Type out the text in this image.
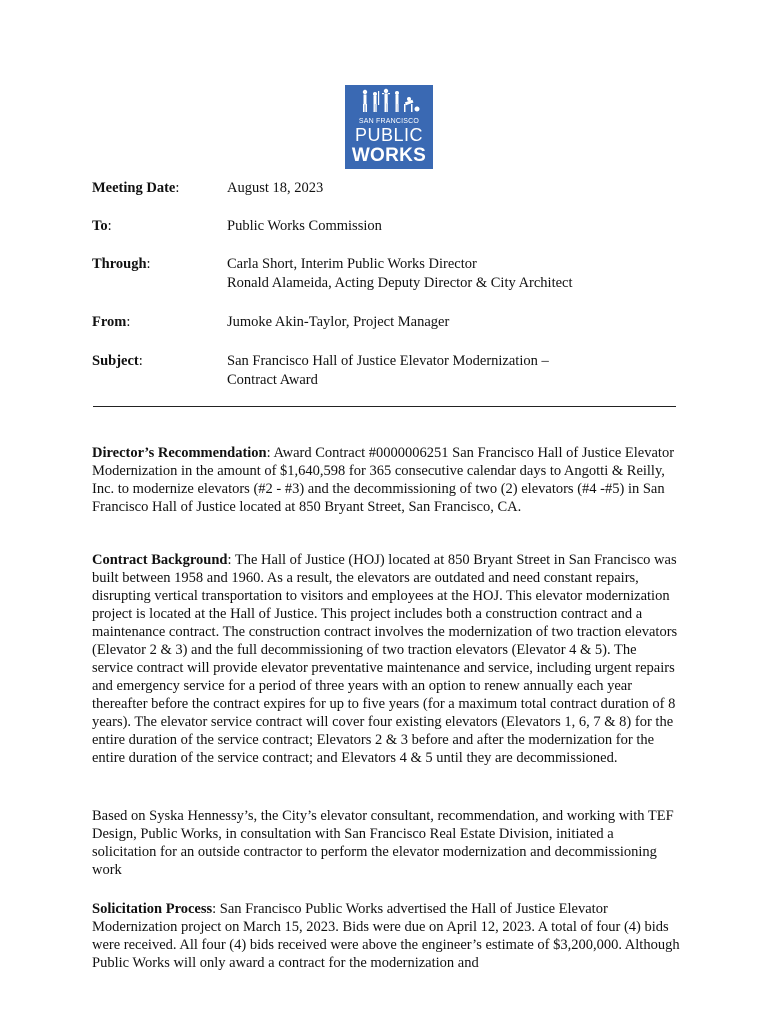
SAN FRANCISCO
PUBLIC
WORKS
Meeting Date:	August 18, 2023
To:	Public Works Commission
Through:	Carla Short, Interim Public Works Director
Ronald Alameida, Acting Deputy Director & City Architect
From:	Jumoke Akin-Taylor, Project Manager
Subject:	San Francisco Hall of Justice Elevator Modernization –
Contract Award

Director’s Recommendation: Award Contract #0000006251 San Francisco Hall of Justice Elevator Modernization in the amount of $1,640,598 for 365 consecutive calendar days to Angotti & Reilly, Inc. to modernize elevators (#2 - #3) and the decommissioning of two (2) elevators (#4 -#5) in San Francisco Hall of Justice located at 850 Bryant Street, San Francisco, CA.

Contract Background: The Hall of Justice (HOJ) located at 850 Bryant Street in San Francisco was built between 1958 and 1960. As a result, the elevators are outdated and need constant repairs, disrupting vertical transportation to visitors and employees at the HOJ. This elevator modernization project is located at the Hall of Justice. This project includes both a construction contract and a maintenance contract. The construction contract involves the modernization of two traction elevators (Elevator 2 & 3) and the full decommissioning of two traction elevators (Elevator 4 & 5). The service contract will provide elevator preventative maintenance and service, including urgent repairs and emergency service for a period of three years with an option to renew annually each year thereafter before the contract expires for up to five years (for a maximum total contract duration of 8 years). The elevator service contract will cover four existing elevators (Elevators 1, 6, 7 & 8) for the entire duration of the service contract; Elevators 2 & 3 before and after the modernization for the entire duration of the service contract; and Elevators 4 & 5 until they are decommissioned.

Based on Syska Hennessy’s, the City’s elevator consultant, recommendation, and working with TEF Design, Public Works, in consultation with San Francisco Real Estate Division, initiated a solicitation for an outside contractor to perform the elevator modernization and decommissioning work

Solicitation Process: San Francisco Public Works advertised the Hall of Justice Elevator Modernization project on March 15, 2023. Bids were due on April 12, 2023. A total of four (4) bids were received. All four (4) bids received were above the engineer’s estimate of $3,200,000. Although Public Works will only award a contract for the modernization and
